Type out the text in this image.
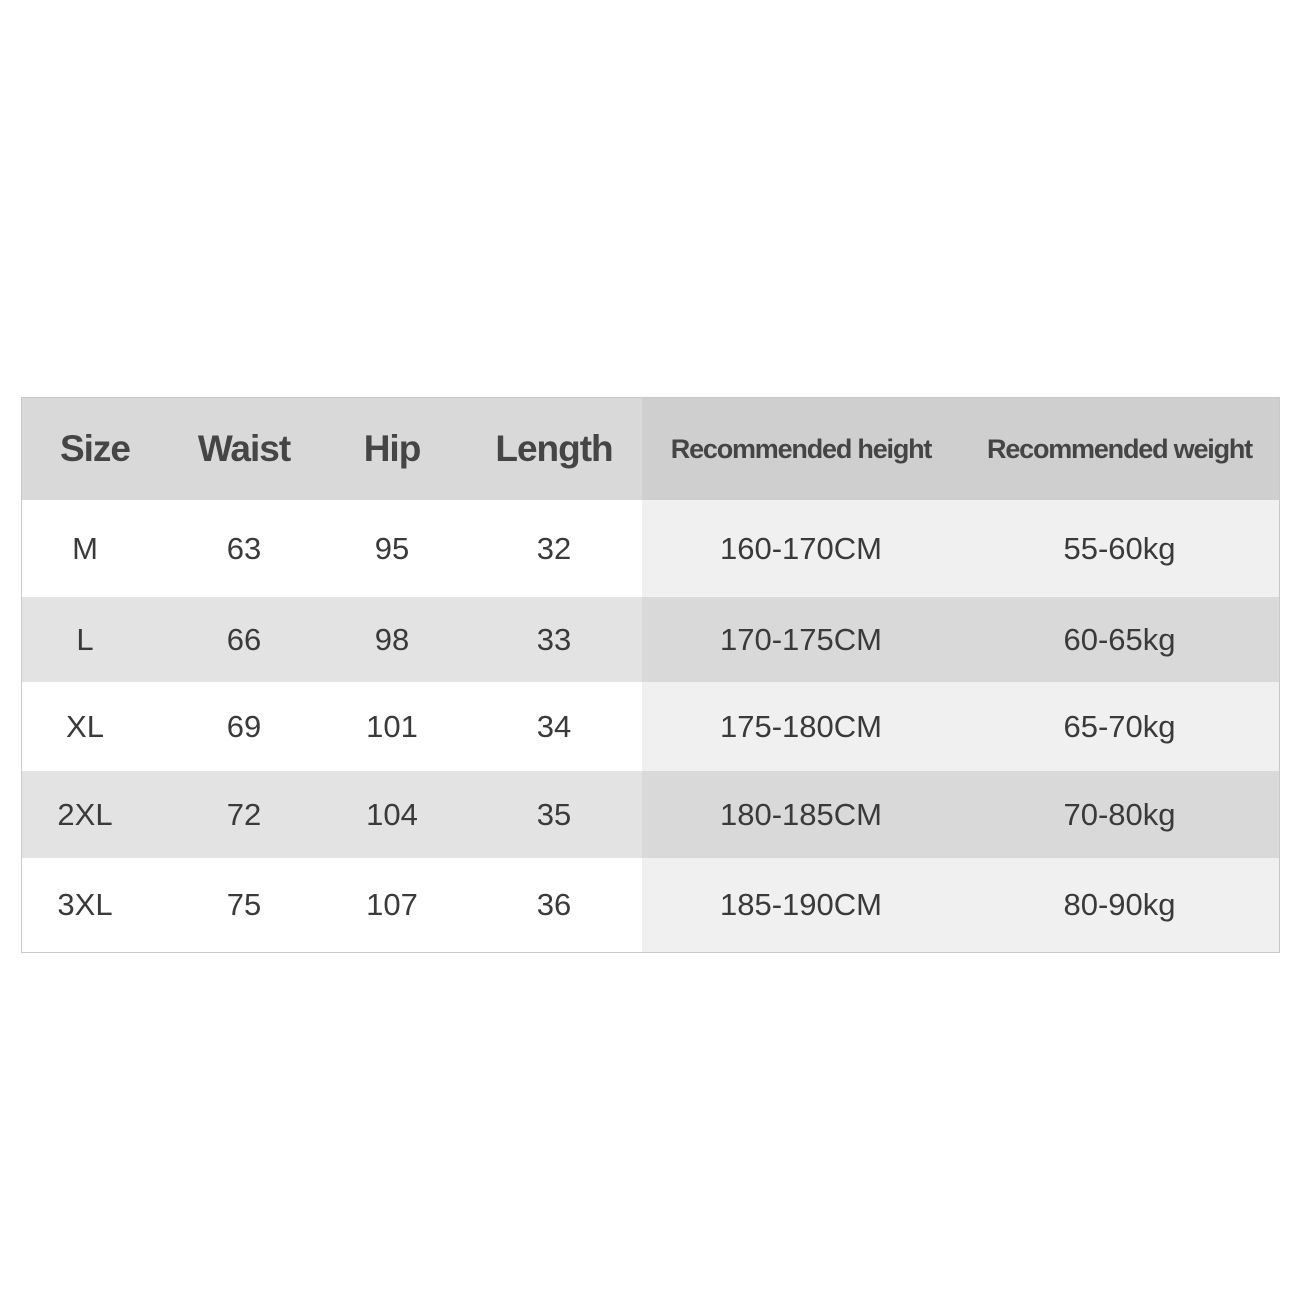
Size	Waist	Hip	Length	Recommended height	Recommended weight
M	63	95	32	160-170CM	55-60kg
L	66	98	33	170-175CM	60-65kg
XL	69	101	34	175-180CM	65-70kg
2XL	72	104	35	180-185CM	70-80kg
3XL	75	107	36	185-190CM	80-90kg
